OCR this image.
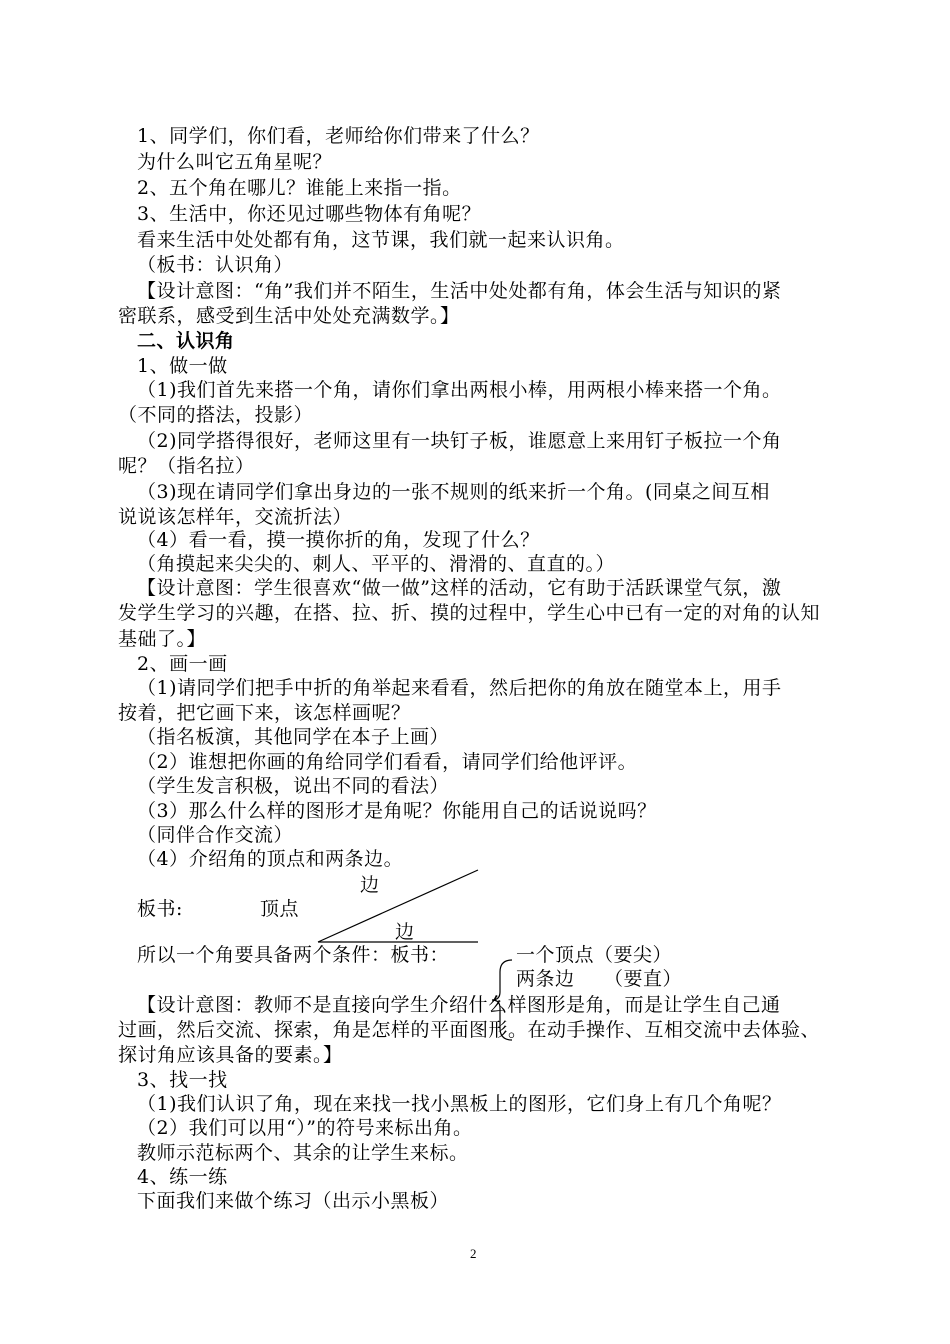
1、同学们，你们看，老师给你们带来了什么？
为什么叫它五角星呢？
2、五个角在哪儿？谁能上来指一指。
3、生活中，你还见过哪些物体有角呢？
看来生活中处处都有角，这节课，我们就一起来认识角。
（板书：认识角）
【设计意图：“角”我们并不陌生，生活中处处都有角，体会生活与知识的紧
密联系，感受到生活中处处充满数学。】
二、认识角
1、做一做
（1)我们首先来搭一个角，请你们拿出两根小棒，用两根小棒来搭一个角。
（不同的搭法，投影）
（2)同学搭得很好，老师这里有一块钉子板，谁愿意上来用钉子板拉一个角
呢？（指名拉）
（3)现在请同学们拿出身边的一张不规则的纸来折一个角。(同桌之间互相
说说该怎样年，交流折法）
（4）看一看，摸一摸你折的角，发现了什么？
（角摸起来尖尖的、刺人、平平的、滑滑的、直直的。）
【设计意图：学生很喜欢“做一做”这样的活动，它有助于活跃课堂气氛，激
发学生学习的兴趣，在搭、拉、折、摸的过程中，学生心中已有一定的对角的认知
基础了。】
2、画一画
（1)请同学们把手中折的角举起来看看，然后把你的角放在随堂本上，用手
按着，把它画下来，该怎样画呢？
（指名板演，其他同学在本子上画）
（2）谁想把你画的角给同学们看看，请同学们给他评评。
（学生发言积极，说出不同的看法）
（3）那么什么样的图形才是角呢？你能用自己的话说说吗？
（同伴合作交流）
（4）介绍角的顶点和两条边。
边
板书:	顶点
边
所以一个角要具备两个条件：板书：	一个顶点（要尖）
两条边 （要直）
【设计意图：教师不是直接向学生介绍什么样图形是角，而是让学生自己通
过画，然后交流、探索，角是怎样的平面图形。在动手操作、互相交流中去体验、
探讨角应该具备的要素。】
3、找一找
（1)我们认识了角，现在来找一找小黑板上的图形，它们身上有几个角呢？
（2）我们可以用“）”的符号来标出角。
教师示范标两个、其余的让学生来标。
4、练一练
下面我们来做个练习（出示小黑板）
2
